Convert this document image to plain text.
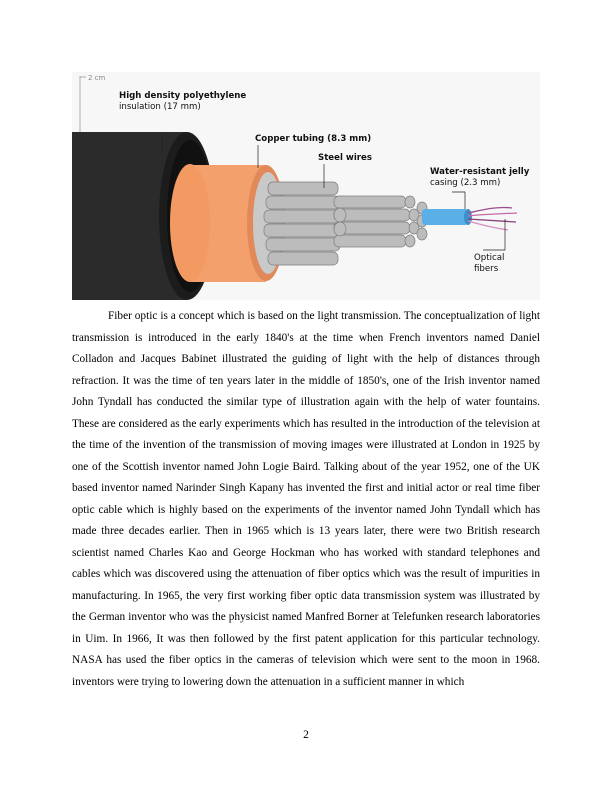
2 cm
High density polyethylene
insulation (17 mm)
Copper tubing (8.3 mm)
Steel wires
Water-resistant jelly
casing (2.3 mm)
Optical
fibers

Fiber optic is a concept which is based on the light transmission. The conceptualization of light transmission is introduced in the early 1840's at the time when French inventors named Daniel Colladon and Jacques Babinet illustrated the guiding of light with the help of distances through refraction. It was the time of ten years later in the middle of 1850's, one of the Irish inventor named John Tyndall has conducted the similar type of illustration again with the help of water fountains. These are considered as the early experiments which has resulted in the introduction of the television at the time of the invention of the transmission of moving images were illustrated at London in 1925 by one of the Scottish inventor named John Logie Baird. Talking about of the year 1952, one of the UK based inventor named Narinder Singh Kapany has invented the first and initial actor or real time fiber optic cable which is highly based on the experiments of the inventor named John Tyndall which has made three decades earlier. Then in 1965 which is 13 years later, there were two British research scientist named Charles Kao and George Hockman who has worked with standard telephones and cables which was discovered using the attenuation of fiber optics which was the result of impurities in manufacturing. In 1965, the very first working fiber optic data transmission system was illustrated by the German inventor who was the physicist named Manfred Borner at Telefunken research laboratories in Uim. In 1966, It was then followed by the first patent application for this particular technology. NASA has used the fiber optics in the cameras of television which were sent to the moon in 1968. inventors were trying to lowering down the attenuation in a sufficient manner in which

2
